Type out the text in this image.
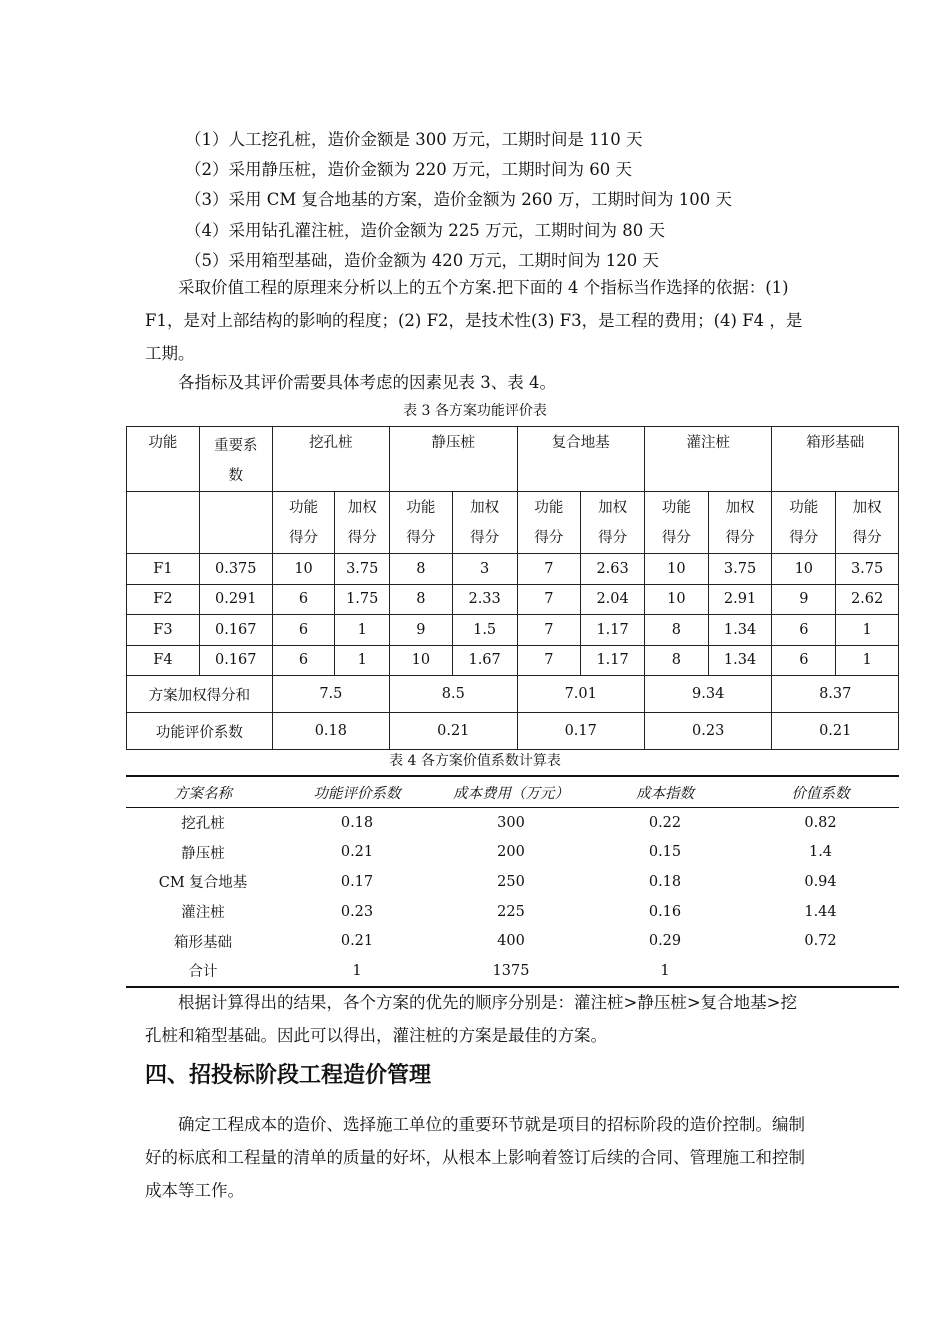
（1）人工挖孔桩，造价金额是 300 万元，工期时间是 110 天
（2）采用静压桩，造价金额为 220 万元，工期时间为 60 天
（3）采用 CM 复合地基的方案，造价金额为 260 万，工期时间为 100 天
（4）采用钻孔灌注桩，造价金额为 225 万元，工期时间为 80 天
（5）采用箱型基础，造价金额为 420 万元，工期时间为 120 天
采取价值工程的原理来分析以上的五个方案.把下面的 4 个指标当作选择的依据：(1) F1，是对上部结构的影响的程度；(2) F2，是技术性(3) F3，是工程的费用；(4) F4 ，是工期。
各指标及其评价需要具体考虑的因素见表 3、表 4。
表 3 各方案功能评价表
功能	重要系数	挖孔桩		静压桩		复合地基		灌注桩		箱形基础	
		功能得分	加权得分	功能得分	加权得分	功能得分	加权得分	功能得分	加权得分	功能得分	加权得分
F1	0.375	10	3.75	8	3	7	2.63	10	3.75	10	3.75
F2	0.291	6	1.75	8	2.33	7	2.04	10	2.91	9	2.62
F3	0.167	6	1	9	1.5	7	1.17	8	1.34	6	1
F4	0.167	6	1	10	1.67	7	1.17	8	1.34	6	1
方案加权得分和		7.5		8.5		7.01		9.34		8.37	
功能评价系数		0.18		0.21		0.17		0.23		0.21	
表 4 各方案价值系数计算表
方案名称	功能评价系数	成本费用（万元）	成本指数	价值系数
挖孔桩	0.18	300	0.22	0.82
静压桩	0.21	200	0.15	1.4
CM 复合地基	0.17	250	0.18	0.94
灌注桩	0.23	225	0.16	1.44
箱形基础	0.21	400	0.29	0.72
合计	1	1375	1	
根据计算得出的结果，各个方案的优先的顺序分别是：灌注桩>静压桩>复合地基>挖孔桩和箱型基础。因此可以得出，灌注桩的方案是最佳的方案。
四、招投标阶段工程造价管理
确定工程成本的造价、选择施工单位的重要环节就是项目的招标阶段的造价控制。编制好的标底和工程量的清单的质量的好坏，从根本上影响着签订后续的合同、管理施工和控制成本等工作。
